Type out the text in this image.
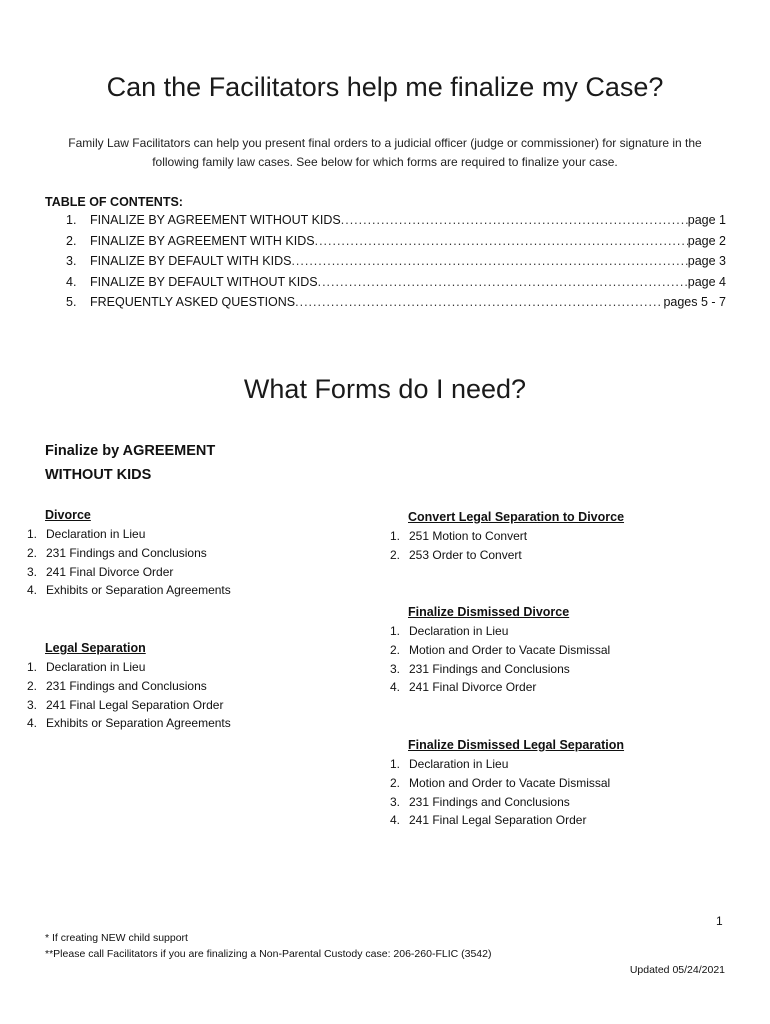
Can the Facilitators help me finalize my Case?
Family Law Facilitators can help you present final orders to a judicial officer (judge or commissioner) for signature in the
following family law cases. See below for which forms are required to finalize your case.
TABLE OF CONTENTS:
1.	FINALIZE BY AGREEMENT WITHOUT KIDS .....	page 1
2.	FINALIZE BY AGREEMENT WITH KIDS .....	page 2
3.	FINALIZE BY DEFAULT WITH KIDS .....	page 3
4.	FINALIZE BY DEFAULT WITHOUT KIDS .....	page 4
5.	FREQUENTLY ASKED QUESTIONS .....	pages 5 - 7
What Forms do I need?
Finalize by AGREEMENT
WITHOUT KIDS
Divorce
1. Declaration in Lieu
2. 231 Findings and Conclusions
3. 241 Final Divorce Order
4. Exhibits or Separation Agreements
Legal Separation
1. Declaration in Lieu
2. 231 Findings and Conclusions
3. 241 Final Legal Separation Order
4. Exhibits or Separation Agreements
Convert Legal Separation to Divorce
1. 251 Motion to Convert
2. 253 Order to Convert
Finalize Dismissed Divorce
1. Declaration in Lieu
2. Motion and Order to Vacate Dismissal
3. 231 Findings and Conclusions
4. 241 Final Divorce Order
Finalize Dismissed Legal Separation
1. Declaration in Lieu
2. Motion and Order to Vacate Dismissal
3. 231 Findings and Conclusions
4. 241 Final Legal Separation Order
1
* If creating NEW child support
**Please call Facilitators if you are finalizing a Non-Parental Custody case: 206-260-FLIC (3542)
Updated 05/24/2021
